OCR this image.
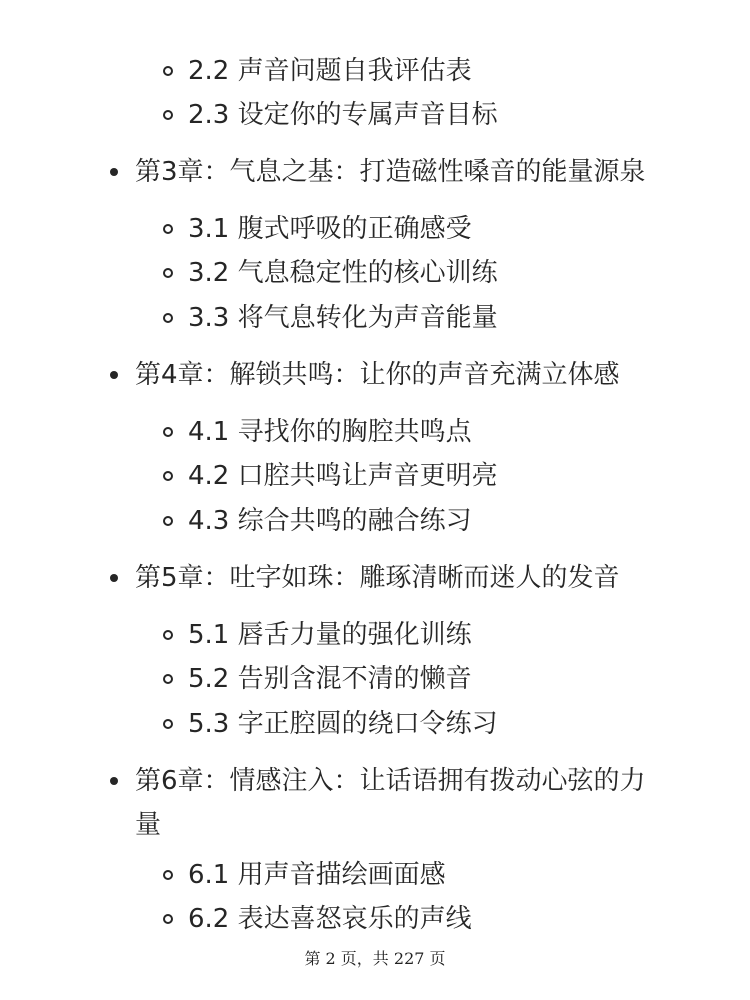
2.2 声音问题自我评估表
2.3 设定你的专属声音目标
第3章：气息之基：打造磁性嗓音的能量源泉
3.1 腹式呼吸的正确感受
3.2 气息稳定性的核心训练
3.3 将气息转化为声音能量
第4章：解锁共鸣：让你的声音充满立体感
4.1 寻找你的胸腔共鸣点
4.2 口腔共鸣让声音更明亮
4.3 综合共鸣的融合练习
第5章：吐字如珠：雕琢清晰而迷人的发音
5.1 唇舌力量的强化训练
5.2 告别含混不清的懒音
5.3 字正腔圆的绕口令练习
第6章：情感注入：让话语拥有拨动心弦的力
量
6.1 用声音描绘画面感
6.2 表达喜怒哀乐的声线
第 2 页，共 227 页
